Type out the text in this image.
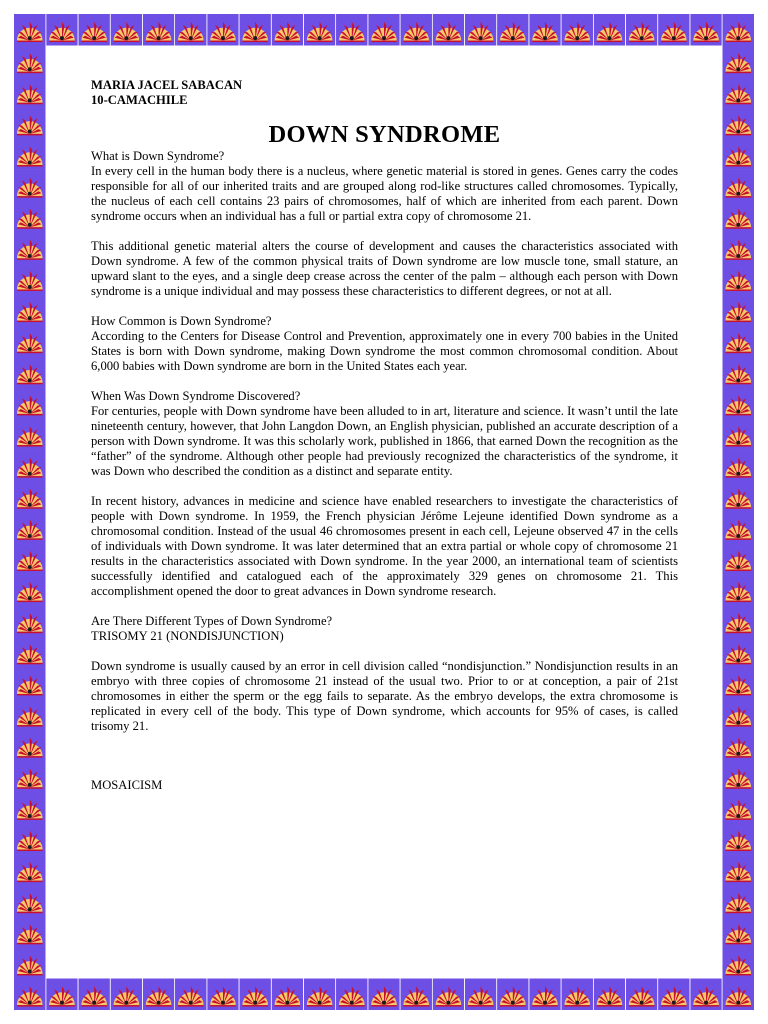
MARIA JACEL SABACAN

10-CAMACHILE

DOWN SYNDROME

What is Down Syndrome?

In every cell in the human body there is a nucleus, where genetic material is stored in genes. Genes carry the codes responsible for all of our inherited traits and are grouped along rod-like structures called chromosomes. Typically, the nucleus of each cell contains 23 pairs of chromosomes, half of which are inherited from each parent. Down syndrome occurs when an individual has a full or partial extra copy of chromosome 21.

This additional genetic material alters the course of development and causes the characteristics associated with Down syndrome. A few of the common physical traits of Down syndrome are low muscle tone, small stature, an upward slant to the eyes, and a single deep crease across the center of the palm – although each person with Down syndrome is a unique individual and may possess these characteristics to different degrees, or not at all.

How Common is Down Syndrome?

According to the Centers for Disease Control and Prevention, approximately one in every 700 babies in the United States is born with Down syndrome, making Down syndrome the most common chromosomal condition. About 6,000 babies with Down syndrome are born in the United States each year.

When Was Down Syndrome Discovered?

For centuries, people with Down syndrome have been alluded to in art, literature and science. It wasn’t until the late nineteenth century, however, that John Langdon Down, an English physician, published an accurate description of a person with Down syndrome. It was this scholarly work, published in 1866, that earned Down the recognition as the “father” of the syndrome. Although other people had previously recognized the characteristics of the syndrome, it was Down who described the condition as a distinct and separate entity.

In recent history, advances in medicine and science have enabled researchers to investigate the characteristics of people with Down syndrome. In 1959, the French physician Jérôme Lejeune identified Down syndrome as a chromosomal condition. Instead of the usual 46 chromosomes present in each cell, Lejeune observed 47 in the cells of individuals with Down syndrome. It was later determined that an extra partial or whole copy of chromosome 21 results in the characteristics associated with Down syndrome. In the year 2000, an international team of scientists successfully identified and catalogued each of the approximately 329 genes on chromosome 21. This accomplishment opened the door to great advances in Down syndrome research.

Are There Different Types of Down Syndrome?

TRISOMY 21 (NONDISJUNCTION)

Down syndrome is usually caused by an error in cell division called “nondisjunction.” Nondisjunction results in an embryo with three copies of chromosome 21 instead of the usual two. Prior to or at conception, a pair of 21st chromosomes in either the sperm or the egg fails to separate. As the embryo develops, the extra chromosome is replicated in every cell of the body. This type of Down syndrome, which accounts for 95% of cases, is called trisomy 21.

MOSAICISM
